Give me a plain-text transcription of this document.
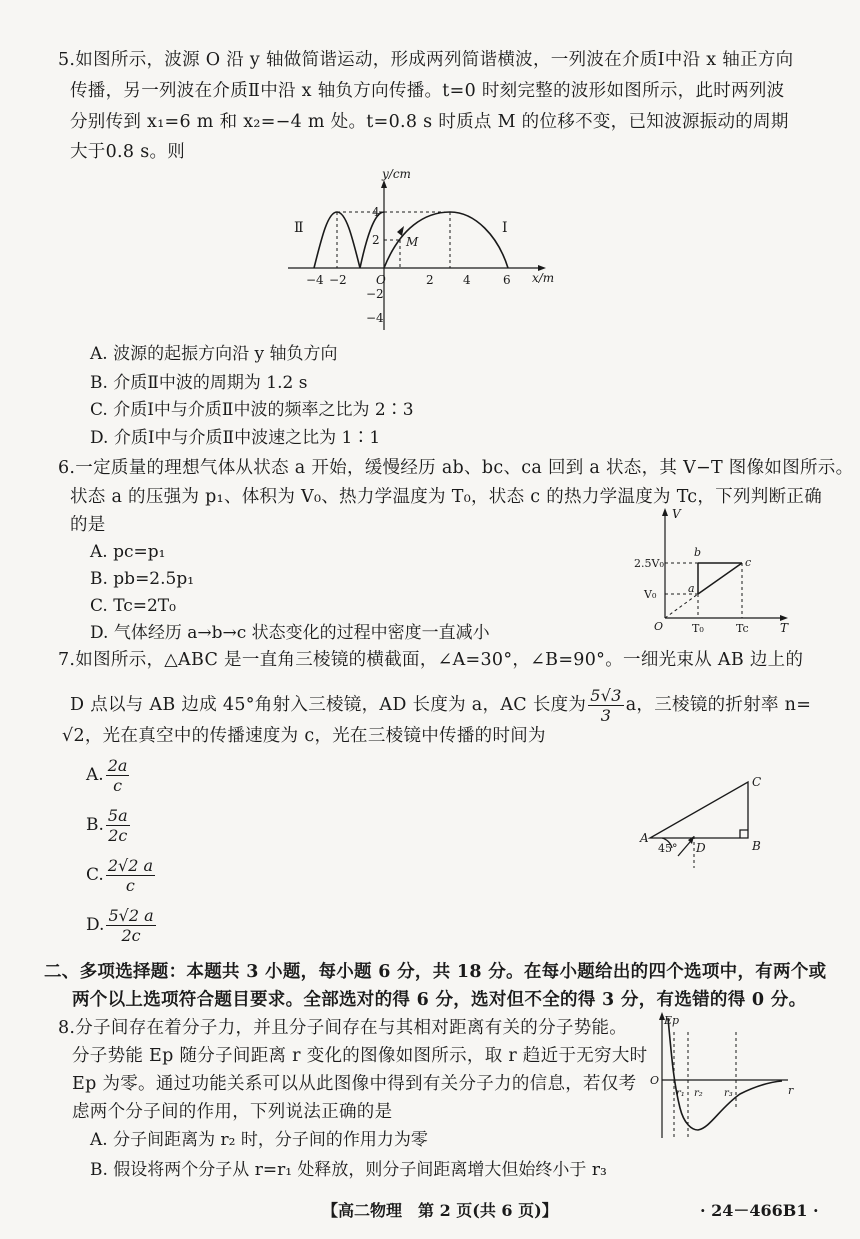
5.如图所示，波源 O 沿 y 轴做简谐运动，形成两列简谐横波，一列波在介质Ⅰ中沿 x 轴正方向
传播，另一列波在介质Ⅱ中沿 x 轴负方向传播。t=0 时刻完整的波形如图所示，此时两列波
分别传到 x₁=6 m 和 x₂=−4 m 处。t=0.8 s 时质点 M 的位移不变，已知波源振动的周期
大于0.8 s。则
y/cm
x/m
4
2
−2
−4
−4 −2 O	2 4	6
Ⅱ	Ⅰ
M
A. 波源的起振方向沿 y 轴负方向
B. 介质Ⅱ中波的周期为 1.2 s
C. 介质Ⅰ中与介质Ⅱ中波的频率之比为 2∶3
D. 介质Ⅰ中与介质Ⅱ中波速之比为 1∶1
6.一定质量的理想气体从状态 a 开始，缓慢经历 ab、bc、ca 回到 a 状态，其 V−T 图像如图所示。
状态 a 的压强为 p₁、体积为 V₀、热力学温度为 T₀，状态 c 的热力学温度为 Tc，下列判断正确
的是
A. pc=p₁
B. pb=2.5p₁
C. Tc=2T₀
D. 气体经历 a→b→c 状态变化的过程中密度一直减小
V
T
O
2.5V₀
V₀
T₀	Tc
a
b
c
7.如图所示，△ABC 是一直角三棱镜的横截面，∠A=30°，∠B=90°。一细光束从 AB 边上的
D 点以与 AB 边成 45°角射入三棱镜，AD 长度为 a，AC 长度为 $\frac{5√3}{3}$ a，三棱镜的折射率 n=
√2，光在真空中的传播速度为 c，光在三棱镜中传播的时间为
A. $\frac{2a}{c}$
B. $\frac{5a}{2c}$
C. $\frac{2√2 a}{c}$
D. $\frac{5√2 a}{2c}$
A
B
C
D
45°
二、多项选择题：本题共 3 小题，每小题 6 分，共 18 分。在每小题给出的四个选项中，有两个或
两个以上选项符合题目要求。全部选对的得 6 分，选对但不全的得 3 分，有选错的得 0 分。
8.分子间存在着分子力，并且分子间存在与其相对距离有关的分子势能。
分子势能 Ep 随分子间距离 r 变化的图像如图所示，取 r 趋近于无穷大时
Ep 为零。通过功能关系可以从此图像中得到有关分子力的信息，若仅考
虑两个分子间的作用，下列说法正确的是
A. 分子间距离为 r₂ 时，分子间的作用力为零
B. 假设将两个分子从 r=r₁ 处释放，则分子间距离增大但始终小于 r₃
Ep
r
O
r₁ r₂ r₃
【高二物理　第 2 页(共 6 页)】	· 24－466B1 ·
